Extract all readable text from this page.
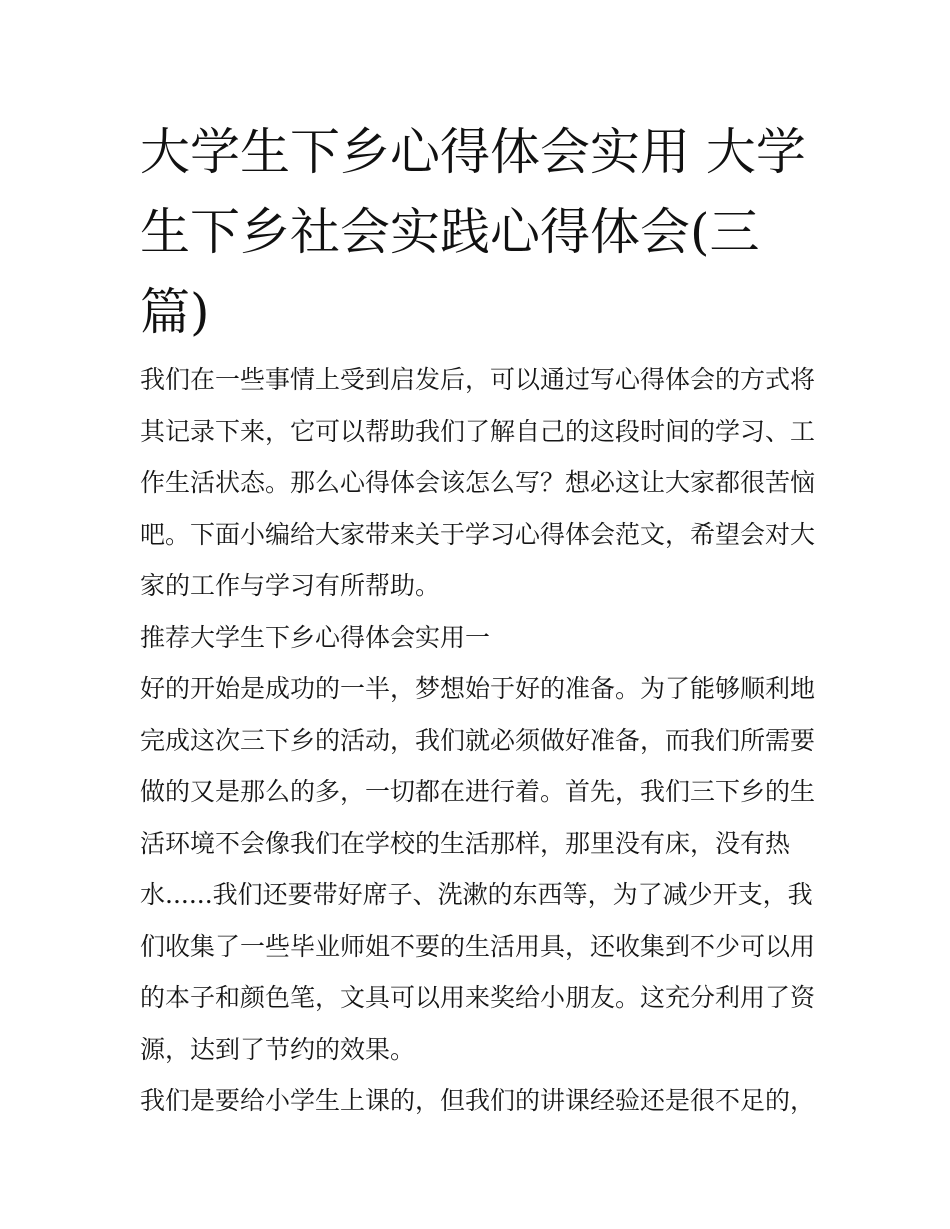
大学生下乡心得体会实用 大学
生下乡社会实践心得体会(三
篇)
我们在一些事情上受到启发后，可以通过写心得体会的方式将
其记录下来，它可以帮助我们了解自己的这段时间的学习、工
作生活状态。那么心得体会该怎么写？想必这让大家都很苦恼
吧。下面小编给大家带来关于学习心得体会范文，希望会对大
家的工作与学习有所帮助。
推荐大学生下乡心得体会实用一
好的开始是成功的一半，梦想始于好的准备。为了能够顺利地
完成这次三下乡的活动，我们就必须做好准备，而我们所需要
做的又是那么的多，一切都在进行着。首先，我们三下乡的生
活环境不会像我们在学校的生活那样，那里没有床，没有热
水......我们还要带好席子、洗漱的东西等，为了减少开支，我
们收集了一些毕业师姐不要的生活用具，还收集到不少可以用
的本子和颜色笔，文具可以用来奖给小朋友。这充分利用了资
源，达到了节约的效果。
我们是要给小学生上课的，但我们的讲课经验还是很不足的，
